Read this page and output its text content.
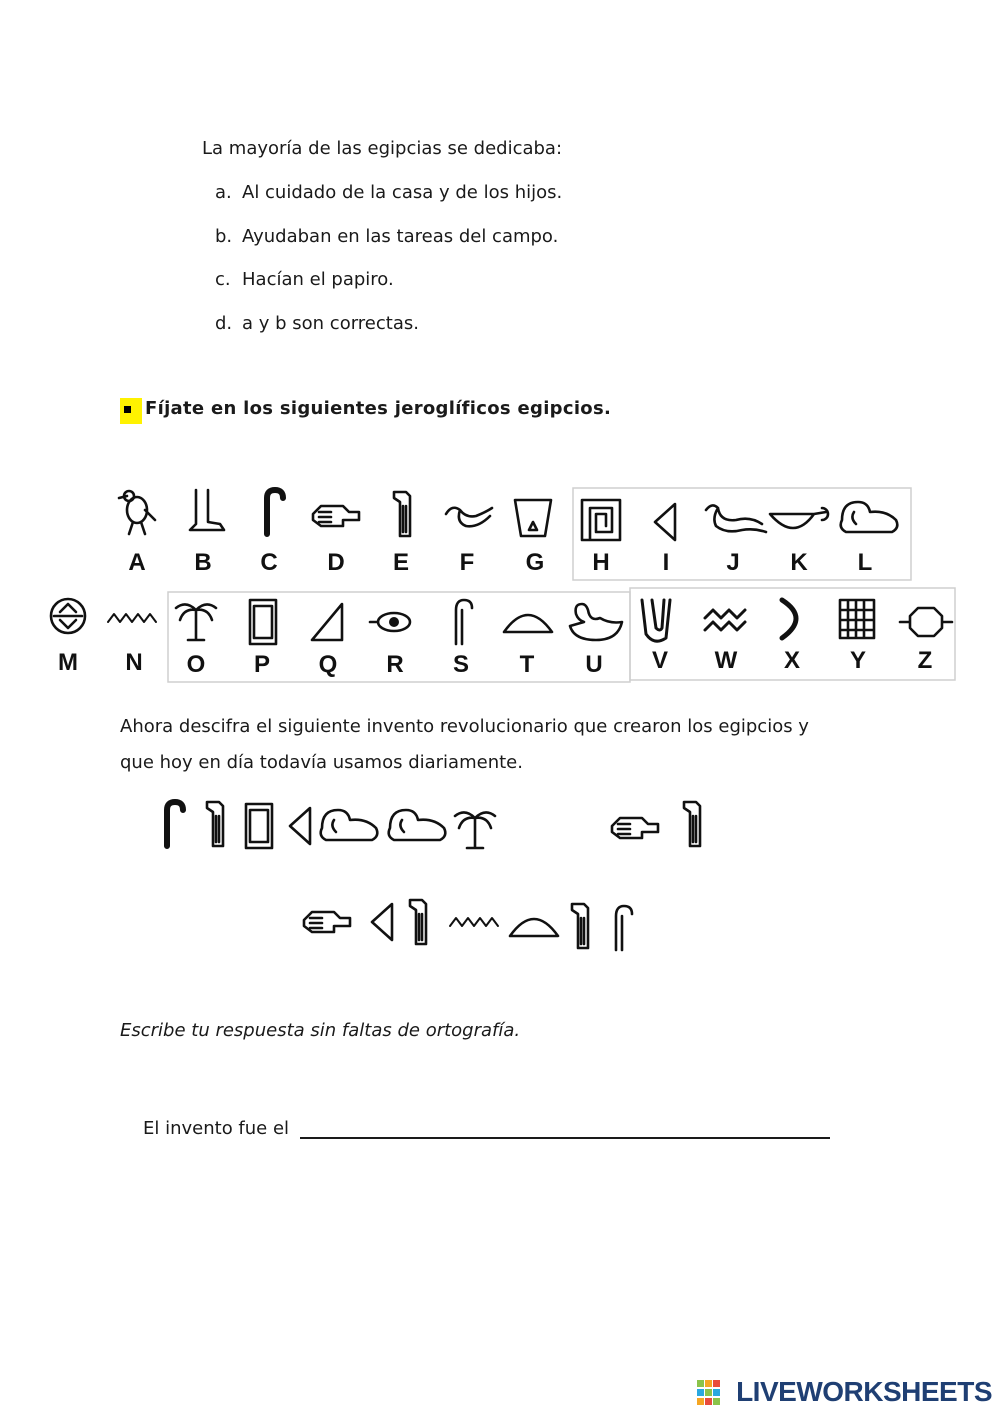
La mayoría de las egipcias se dedicaba:
a. Al cuidado de la casa y de los hijos.
b. Ayudaban en las tareas del campo.
c. Hacían el papiro.
d. a y b son correctas.
Fíjate en los siguientes jeroglíficos egipcios.
A B C D E F G H I J K L
M N O P Q R S T U V W X Y Z
Ahora descifra el siguiente invento revolucionario que crearon los egipcios y
que hoy en día todavía usamos diariamente.
Escribe tu respuesta sin faltas de ortografía.
El invento fue el
LIVEWORKSHEETS
